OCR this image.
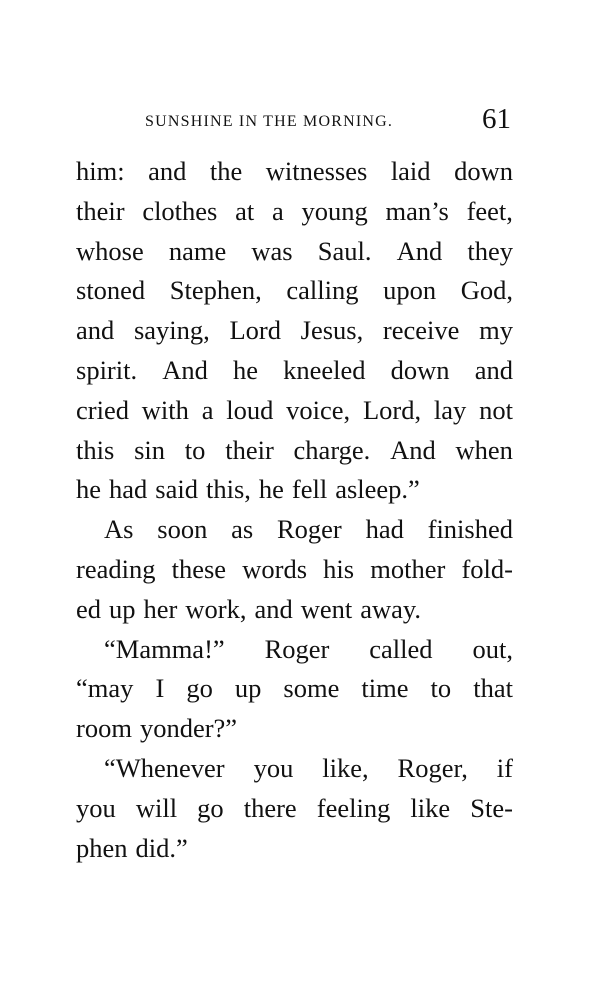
SUNSHINE IN THE MORNING.	61
him: and the witnesses laid down
their clothes at a young man’s feet,
whose name was Saul. And they
stoned Stephen, calling upon God,
and saying, Lord Jesus, receive my
spirit. And he kneeled down and
cried with a loud voice, Lord, lay not
this sin to their charge. And when
he had said this, he fell asleep.”
As soon as Roger had finished
reading these words his mother fold-
ed up her work, and went away.
“Mamma!” Roger called out,
“may I go up some time to that
room yonder?”
“Whenever you like, Roger, if
you will go there feeling like Ste-
phen did.”
